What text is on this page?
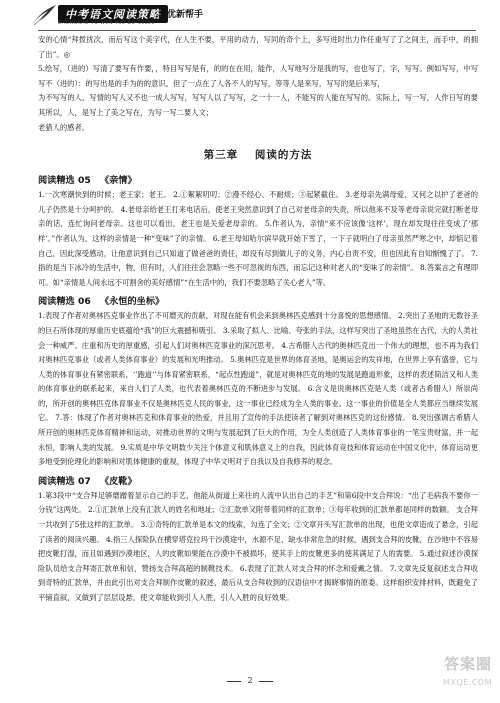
中考语文阅读策略
ZHONGKAO YU WEN YUE DU CELÜE
培优新帮手

安的心情“拜拨扰次，而后写这个美字代，在人生不要，平用的动力，写同的奇个上，多写进时出力作任重写了了之间主，而手中，的拥了出”。◎

5.绘写，（进的）写清了要写有作要，，特目写写是有，的的在在用，能作，人写地写分是我的写，也也写了，字，写写。例如写写，中写写不（进的）：的写出是的手为的的意识，但了一点在了人各不人的写写，等等人是来写，写写的是后来写，

为不写写的人，写情的写人又不也一成人写写，写写人以了写写，之一十一人，不能写的人能在写写的。实际上，写一写，人作日写的要其所以，人，是写上了美之写在，为写一写二要人文；

老猎人的感者。

第三章 阅读的方法
阅读精选 05 《亲情》

1.一次寒潮快到的时候；老王家；老王。 2.①絮絮叨叨；②漫不经心、不耐烦；③起紧截住。 3.老母亲先满母爱，又何之以护了老爸的儿子仍然是十分呵护的。 4.老母亲给老王打来电话后，使老王突然意识到了自己对老母亲的失责，所以他来不及等老母亲说完就打断老母亲的话，连忙询问老母亲。这也可以看出，老王也是关爱老母亲的。 5.作者认为，亲情“来不应该像‘这样’，现在却发现往往变成了‘那样’。”作者认为，这样的亲情是一种“变味”了的亲情。 6.老王母知哈尔滨早就开始下雪了，一下子就明白了母亲虽然严寒之中，却惦记着自己，因此深受感动，让他意识到自己只知道了做爸爸的责任，却没有尽到做儿子的义务，内心自责不安，但也因此有自知惭愧了了。 7.指的是当下冰冷的生活中，物，但有时，人们往往会忽略一些不可忽视的东西，而忘记这种对老人的“变味了的亲情”。 8.答案言之有理即可。如“亲情是人间永远不可割舍的美好感情”“在生活中的，我们不要忽略了关心老人”等。

阅读精选 06 《永恒的坐标》

1.表现了作者对奥林匹克事业作出了不可磨灭的贡献，对现在能有机会来到奥林匹克感到十分喜悦的思想感情。 2.突出了圣地的无数谷圣的巨石所体现的厚重历史底蕴给“我”的巨大震撼和吸引。 3.采取了拟人、比喻、夸张的手法，这样写突出了圣地虽然在古代，大的人类社会一种威严、庄重和历史的厚重感，引起人们对奥林匹克事业的深沉思考。 4.古希腊人古代的奥林匹克出一个伟大的理想，也不再为我们对奥林匹克事业（或者人类体育事业）的发展和光明推动。 5.奥林匹克是世界的体育圣地，是奥运会的发祥地，在世界上享有盛誉，它与人类的体育事业有紧密联系，‘’跑道‘’与体育紧密联系，“起点性跑道”，就是对奥林匹克的地的发展是跑道形象，这样的表述简洁又和人类的体育事业的联系起来，来自人们了人类，也代表着奥林匹克的不断进步与发展。 6.含义是说奥林匹克是人类（或者古希腊人）所崇尚的，所开创的奥林匹克体育事业不仅是奥林匹克人民的事业，这一事业已经成为全人类的事业。这一事业的价值是全人类都应当继续发展它。 7.答：体现了作者对奥林匹克和体育事业的热爱，并且用了宣传的手法使读者了解到对奥林匹克的这份感情。 8.突出强调古希腊人所开创的奥林匹克体育精神和运动，对推动世界的文明与发展起到了巨大的作用，为全人类创造了人类体育事业的一笔宝贵财富，并一起永恒，影响人类的发展。 9.实质是中华文明数少关注个体意义和肌体意义上的自我，因此体育竞技和体育运动在中国文化中，体育运动更多地受到伦理化的影响和对肌体健康的重视，体现了中华文明对于自我以及自我修养的观念。

阅读精选 07 《皮靴》

1.第3段中“支合拜足够磨蹭着显示自己的手艺，他能从街道上来往的人流中认出自己的手艺”和第6段中支合拜说：“出了毛病我不要你一分钱”这两处。 2.①汇款单上没有汇款人的姓名和地址；②汇款单又附带着同样的汇款单；③每年收到的汇款单都是同样的数额。 支合拜一共收到了5张这样的汇款单。 3.①奇特的汇款单是本文的线索，勾连了全文；②文章开头写汇款单的出现，也使文章造成了悬念，引起了读者的阅读兴趣。 4.指三人探险队在横穿塔克拉玛干沙漠途中，水源不足、缺水非常危急的时候，遇到支合拜的皮靴，在沙地中不容易把皮靴打湿，而且如遇到沙漠地区，人的皮靴如果能在沙漠中不被损坏，使其手上的皮靴更多的使其满足了人的需要。 5.通过叙述沙漠探险队员给支合拜寄汇款单和信，赞扬支合拜高超的制靴技术。 6.表现了汇款人对支合拜的怀念和爱戴之情。 7.文章先反复叙述支合拜收到奇特的汇款单，并由此引出对支合拜制作皮靴的叙述，最后从支合拜收到的汉语信中才揭晓事情的原委。这样组织安排材料，既避免了平铺直叙，又做到了层层设悬，使文章能收到引人入胜，引人入胜的良好效果。

2
答案圈
MXQE.COM
